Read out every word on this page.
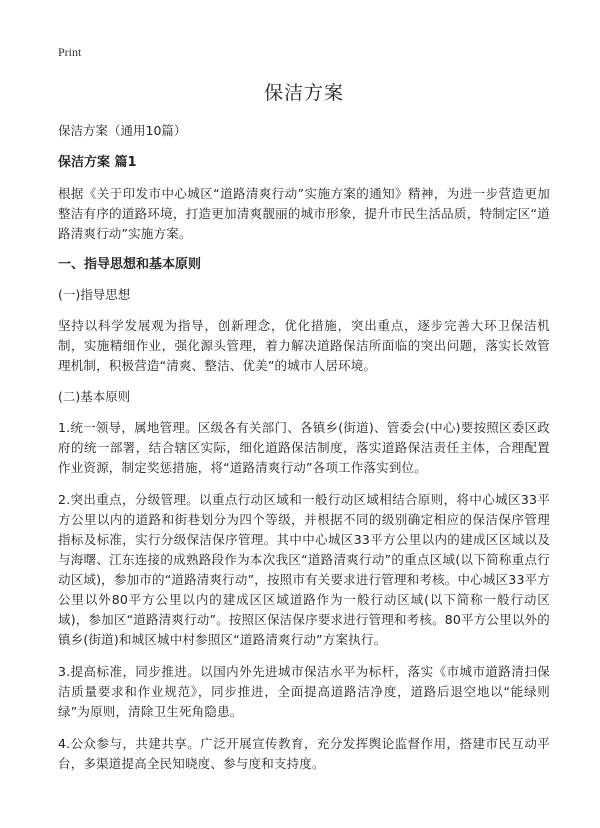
Print
保洁方案
保洁方案（通用10篇）
保洁方案 篇1

根据《关于印发市中心城区“道路清爽行动”实施方案的通知》精神，为进一步营造更加整洁有序的道路环境，打造更加清爽靓丽的城市形象，提升市民生活品质，特制定区“道路清爽行动”实施方案。

一、指导思想和基本原则
(一)指导思想

坚持以科学发展观为指导，创新理念，优化措施，突出重点，逐步完善大环卫保洁机制，实施精细作业，强化源头管理，着力解决道路保洁所面临的突出问题，落实长效管理机制，积极营造“清爽、整洁、优美”的城市人居环境。

(二)基本原则

1.统一领导，属地管理。区级各有关部门、各镇乡(街道)、管委会(中心)要按照区委区政府的统一部署，结合辖区实际，细化道路保洁制度，落实道路保洁责任主体，合理配置作业资源，制定奖惩措施，将“道路清爽行动”各项工作落实到位。

2.突出重点，分级管理。以重点行动区域和一般行动区域相结合原则，将中心城区33平方公里以内的道路和街巷划分为四个等级，并根据不同的级别确定相应的保洁保序管理指标及标准，实行分级保洁保序管理。其中中心城区33平方公里以内的建成区区域以及与海曙、江东连接的成熟路段作为本次我区“道路清爽行动”的重点区域(以下简称重点行动区域)，参加市的“道路清爽行动”，按照市有关要求进行管理和考核。中心城区33平方公里以外80平方公里以内的建成区区域道路作为一般行动区域(以下简称一般行动区域)，参加区“道路清爽行动”。按照区保洁保序要求进行管理和考核。80平方公里以外的镇乡(街道)和城区城中村参照区“道路清爽行动”方案执行。

3.提高标准，同步推进。以国内外先进城市保洁水平为标杆，落实《市城市道路清扫保洁质量要求和作业规范》，同步推进，全面提高道路洁净度，道路后退空地以“能绿则绿”为原则，清除卫生死角隐患。

4.公众参与，共建共享。广泛开展宣传教育，充分发挥舆论监督作用，搭建市民互动平台，多渠道提高全民知晓度、参与度和支持度。
